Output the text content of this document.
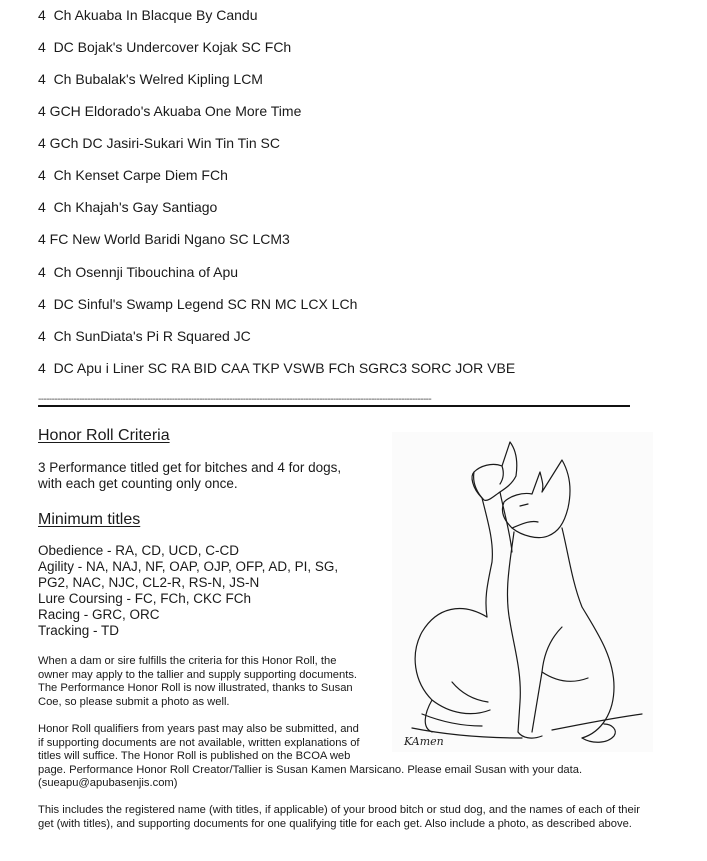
4  Ch Akuaba In Blacque By Candu
4  DC Bojak's Undercover Kojak SC FCh
4  Ch Bubalak's Welred Kipling LCM
4 GCH Eldorado's Akuaba One More Time
4 GCh DC Jasiri-Sukari Win Tin Tin SC
4  Ch Kenset Carpe Diem FCh
4  Ch Khajah's Gay Santiago
4 FC New World Baridi Ngano SC LCM3
4  Ch Osennji Tibouchina of Apu
4  DC Sinful's Swamp Legend SC RN MC LCX LCh
4  Ch SunDiata's Pi R Squared JC
4  DC Apu i Liner SC RA BID CAA TKP VSWB FCh SGRC3 SORC JOR VBE
------------------------------------------------------------------------------------------------------------------------------------------------
Honor Roll Criteria
3 Performance titled get for bitches and 4 for dogs,
with each get counting only once.
Minimum titles
Obedience - RA, CD, UCD, C-CD
Agility - NA, NAJ, NF, OAP, OJP, OFP, AD, PI, SG,
PG2, NAC, NJC, CL2-R, RS-N, JS-N
Lure Coursing - FC, FCh, CKC FCh
Racing - GRC, ORC
Tracking - TD
When a dam or sire fulfills the criteria for this Honor Roll, the
owner may apply to the tallier and supply supporting documents.
The Performance Honor Roll is now illustrated, thanks to Susan
Coe, so please submit a photo as well.
Honor Roll qualifiers from years past may also be submitted, and
if supporting documents are not available, written explanations of
titles will suffice. The Honor Roll is published on the BCOA web
page. Performance Honor Roll Creator/Tallier is Susan Kamen Marsicano. Please email Susan with your data.
(sueapu@apubasenjis.com)
This includes the registered name (with titles, if applicable) of your brood bitch or stud dog, and the names of each of their
get (with titles), and supporting documents for one qualifying title for each get. Also include a photo, as described above.
KAmen
